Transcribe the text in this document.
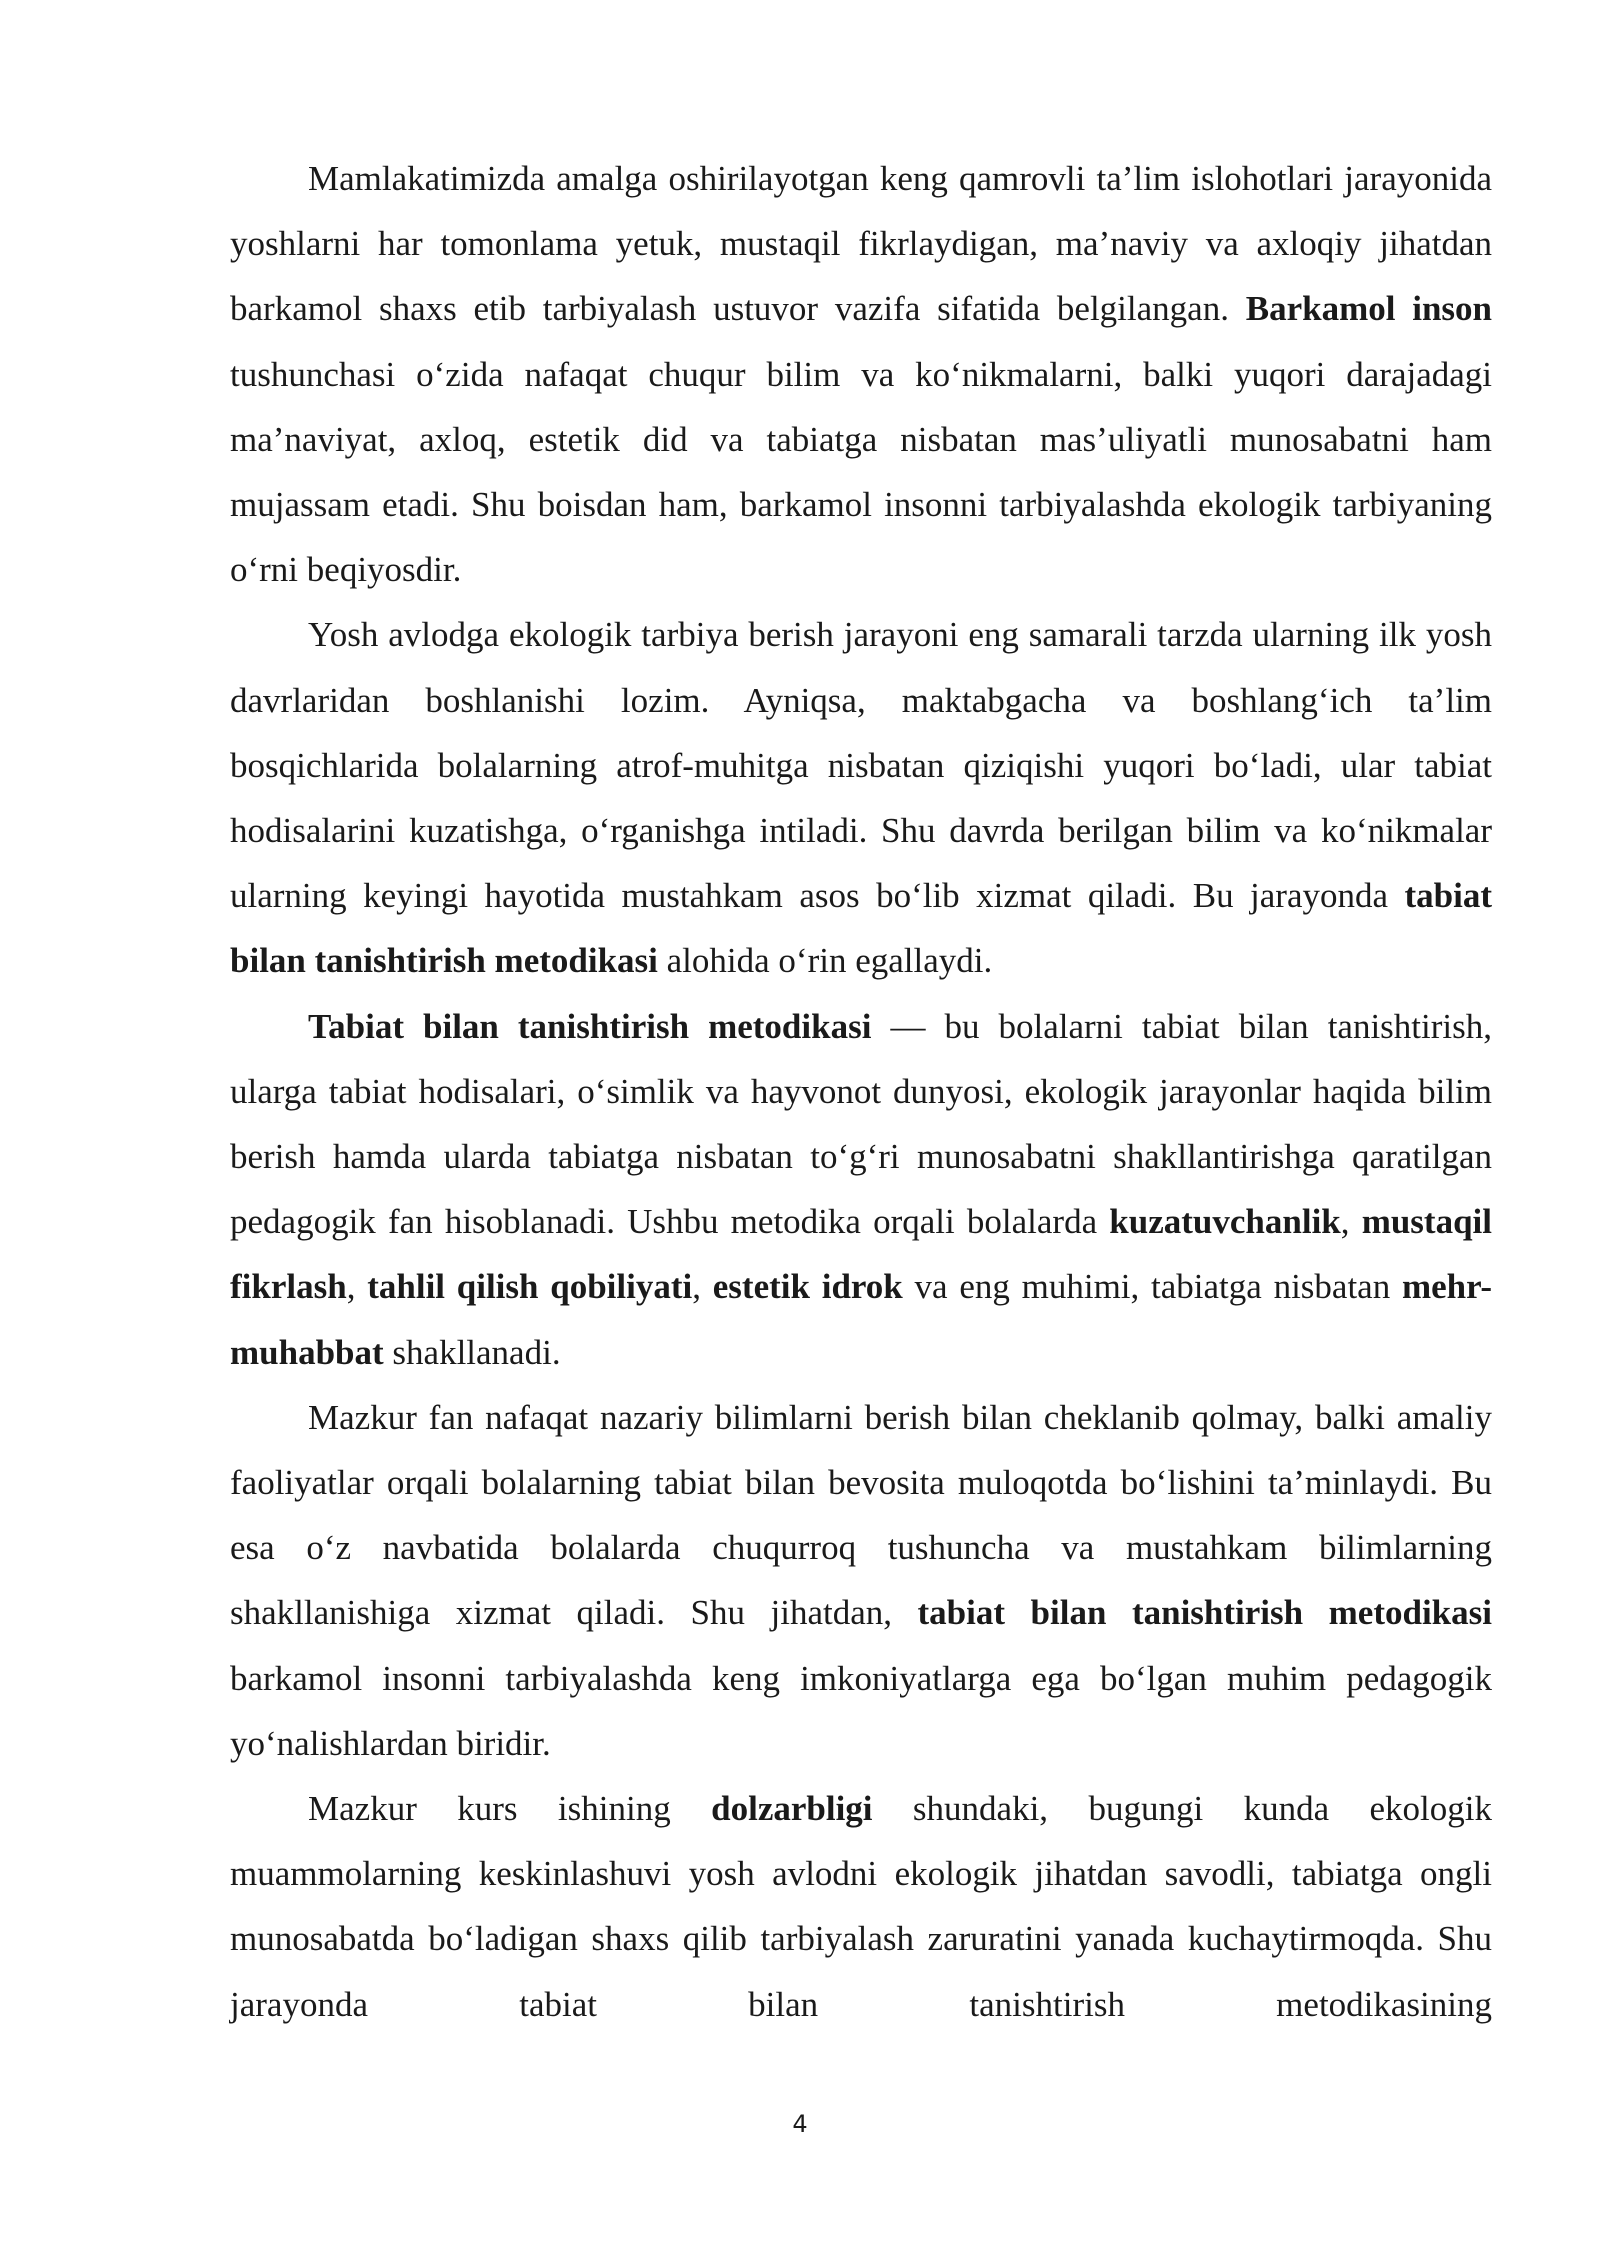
Mamlakatimizda amalga oshirilayotgan keng qamrovli ta’lim islohotlari jarayonida yoshlarni har tomonlama yetuk, mustaqil fikrlaydigan, ma’naviy va axloqiy jihatdan barkamol shaxs etib tarbiyalash ustuvor vazifa sifatida belgilangan. Barkamol inson tushunchasi o‘zida nafaqat chuqur bilim va ko‘nikmalarni, balki yuqori darajadagi ma’naviyat, axloq, estetik did va tabiatga nisbatan mas’uliyatli munosabatni ham mujassam etadi. Shu boisdan ham, barkamol insonni tarbiyalashda ekologik tarbiyaning o‘rni beqiyosdir.

Yosh avlodga ekologik tarbiya berish jarayoni eng samarali tarzda ularning ilk yosh davrlaridan boshlanishi lozim. Ayniqsa, maktabgacha va boshlang‘ich ta’lim bosqichlarida bolalarning atrof-muhitga nisbatan qiziqishi yuqori bo‘ladi, ular tabiat hodisalarini kuzatishga, o‘rganishga intiladi. Shu davrda berilgan bilim va ko‘nikmalar ularning keyingi hayotida mustahkam asos bo‘lib xizmat qiladi. Bu jarayonda tabiat bilan tanishtirish metodikasi alohida o‘rin egallaydi.

Tabiat bilan tanishtirish metodikasi — bu bolalarni tabiat bilan tanishtirish, ularga tabiat hodisalari, o‘simlik va hayvonot dunyosi, ekologik jarayonlar haqida bilim berish hamda ularda tabiatga nisbatan to‘g‘ri munosabatni shakllantirishga qaratilgan pedagogik fan hisoblanadi. Ushbu metodika orqali bolalarda kuzatuvchanlik, mustaqil fikrlash, tahlil qilish qobiliyati, estetik idrok va eng muhimi, tabiatga nisbatan mehr-muhabbat shakllanadi.

Mazkur fan nafaqat nazariy bilimlarni berish bilan cheklanib qolmay, balki amaliy faoliyatlar orqali bolalarning tabiat bilan bevosita muloqotda bo‘lishini ta’minlaydi. Bu esa o‘z navbatida bolalarda chuqurroq tushuncha va mustahkam bilimlarning shakllanishiga xizmat qiladi. Shu jihatdan, tabiat bilan tanishtirish metodikasi barkamol insonni tarbiyalashda keng imkoniyatlarga ega bo‘lgan muhim pedagogik yo‘nalishlardan biridir.

Mazkur kurs ishining dolzarbligi shundaki, bugungi kunda ekologik muammolarning keskinlashuvi yosh avlodni ekologik jihatdan savodli, tabiatga ongli munosabatda bo‘ladigan shaxs qilib tarbiyalash zaruratini yanada kuchaytirmoqda. Shu jarayonda tabiat bilan tanishtirish metodikasining

4
